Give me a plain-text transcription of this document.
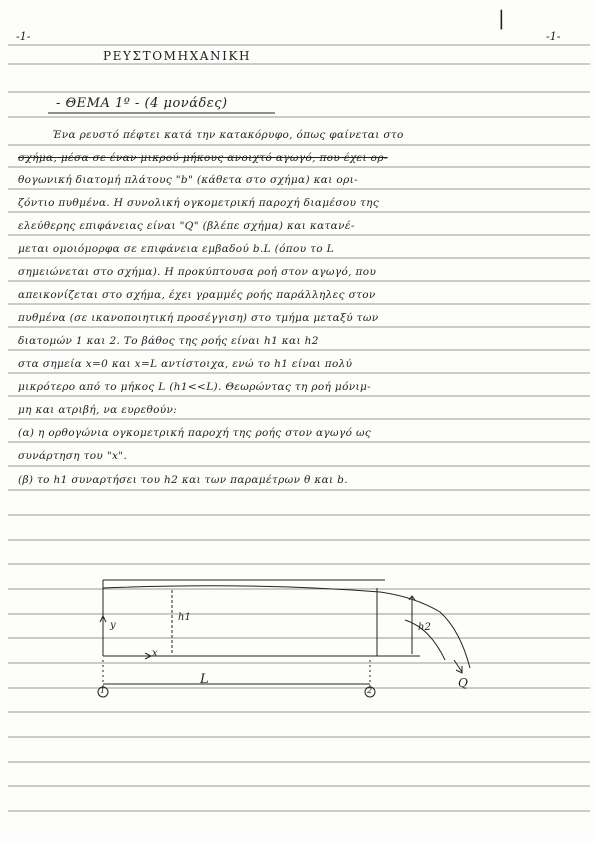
-1-	-1-
|
ΡΕΥΣΤΟΜΗΧΑΝΙΚΗ
- ΘΕΜΑ 1º - (4 μονάδες)
Ένα ρευστό πέφτει κατά την κατακόρυφο, όπως φαίνεται στο
σχήμα, μέσα σε έναν μικρού μήκους ανοιχτό αγωγό, που έχει ορ-
θογωνική διατομή πλάτους "b" (κάθετα στο σχήμα) και ορι-
ζόντιο πυθμένα. Η συνολική ογκομετρική παροχή διαμέσου της
ελεύθερης επιφάνειας είναι "Q" (βλέπε σχήμα) και κατανέ-
μεται ομοιόμορφα σε επιφάνεια εμβαδού b.L (όπου το L
σημειώνεται στο σχήμα). Η προκύπτουσα ροή στον αγωγό, που
απεικονίζεται στο σχήμα, έχει γραμμές ροής παράλληλες στον
πυθμένα (σε ικανοποιητική προσέγγιση) στο τμήμα μεταξύ των
διατομών 1 και 2. Το βάθος της ροής είναι h1 και h2
στα σημεία x=0 και x=L αντίστοιχα, ενώ το h1 είναι πολύ
μικρότερο από το μήκος L (h1<<L). Θεωρώντας τη ροή μόνιμ-
μη και ατριβή, να ευρεθούν:
(α) η ορθογώνια ογκομετρική παροχή της ροής στον αγωγό ως
συνάρτηση του "x".
(β) το h1 συναρτήσει του h2 και των παραμέτρων θ και b.
y
x
h1
h2
L	Q
1	2
